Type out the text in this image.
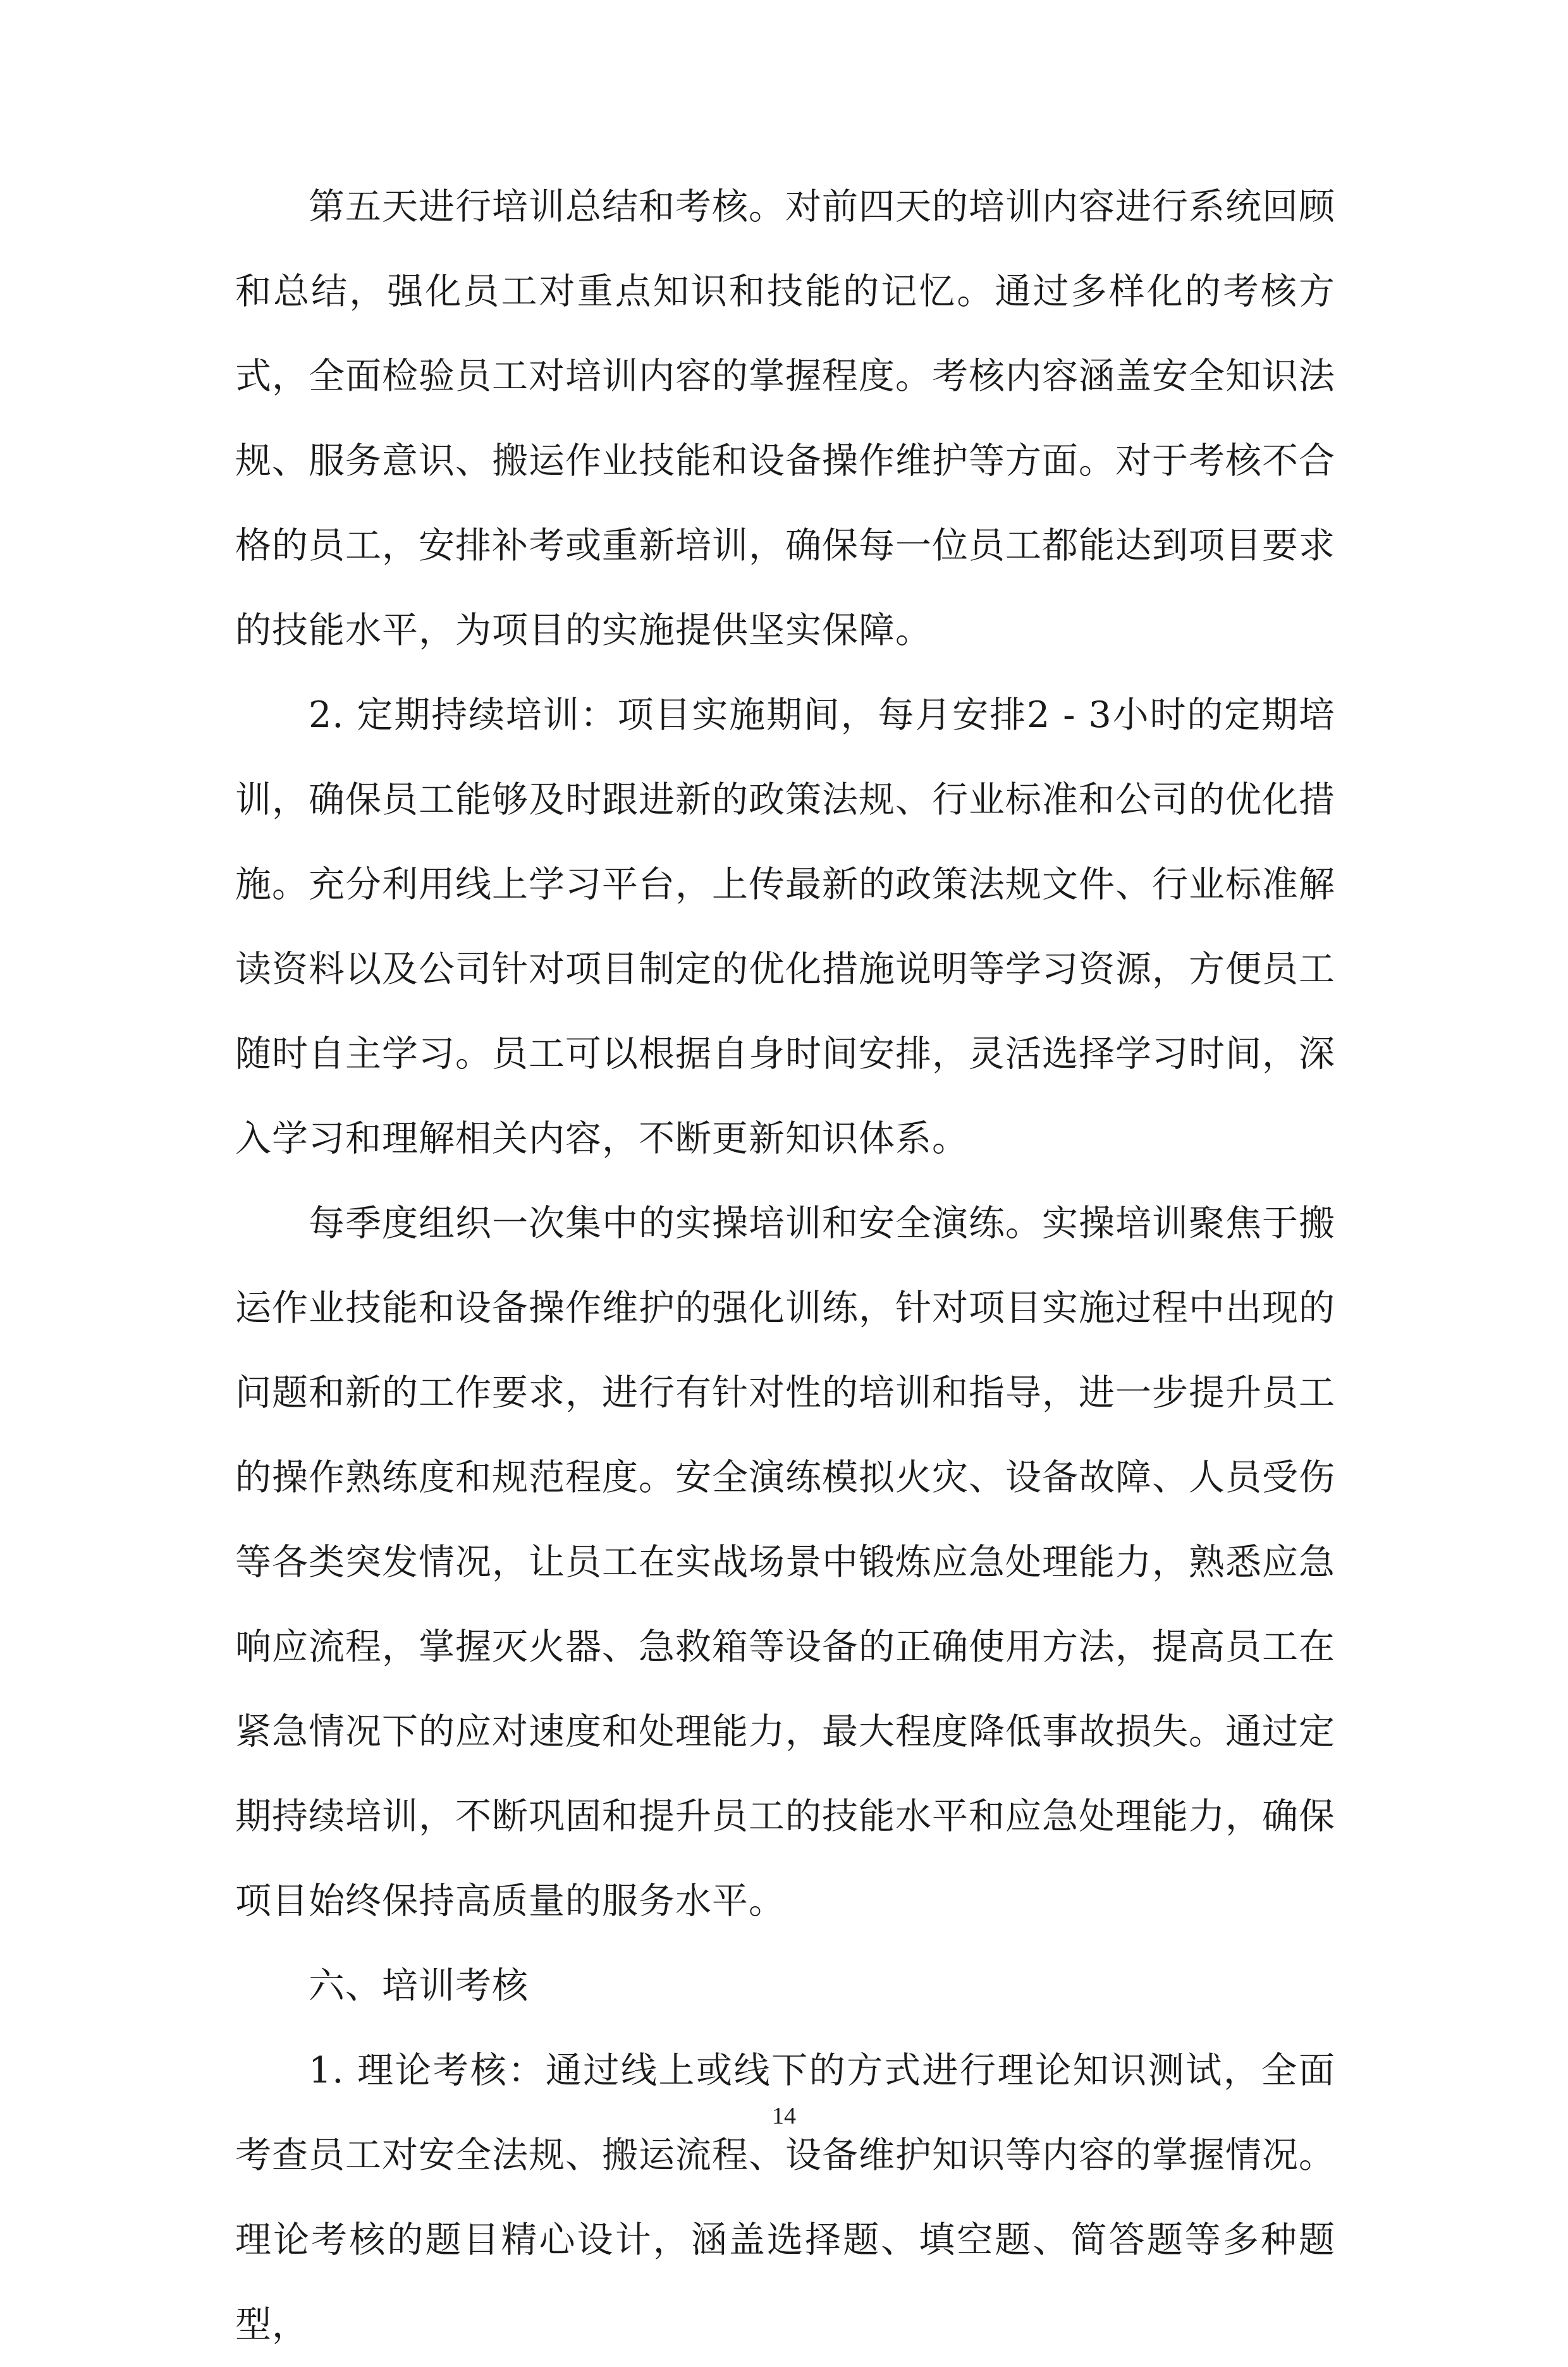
第五天进行培训总结和考核。对前四天的培训内容进行系统回顾和总结，强化员工对重点知识和技能的记忆。通过多样化的考核方式，全面检验员工对培训内容的掌握程度。考核内容涵盖安全知识法规、服务意识、搬运作业技能和设备操作维护等方面。对于考核不合格的员工，安排补考或重新培训，确保每一位员工都能达到项目要求的技能水平，为项目的实施提供坚实保障。

2. 定期持续培训：项目实施期间，每月安排2 - 3小时的定期培训，确保员工能够及时跟进新的政策法规、行业标准和公司的优化措施。充分利用线上学习平台，上传最新的政策法规文件、行业标准解读资料以及公司针对项目制定的优化措施说明等学习资源，方便员工随时自主学习。员工可以根据自身时间安排，灵活选择学习时间，深入学习和理解相关内容，不断更新知识体系。

每季度组织一次集中的实操培训和安全演练。实操培训聚焦于搬运作业技能和设备操作维护的强化训练，针对项目实施过程中出现的问题和新的工作要求，进行有针对性的培训和指导，进一步提升员工的操作熟练度和规范程度。安全演练模拟火灾、设备故障、人员受伤等各类突发情况，让员工在实战场景中锻炼应急处理能力，熟悉应急响应流程，掌握灭火器、急救箱等设备的正确使用方法，提高员工在紧急情况下的应对速度和处理能力，最大程度降低事故损失。通过定期持续培训，不断巩固和提升员工的技能水平和应急处理能力，确保项目始终保持高质量的服务水平。

六、培训考核

1. 理论考核：通过线上或线下的方式进行理论知识测试，全面考查员工对安全法规、搬运流程、设备维护知识等内容的掌握情况。理论考核的题目精心设计，涵盖选择题、填空题、简答题等多种题型，

14
